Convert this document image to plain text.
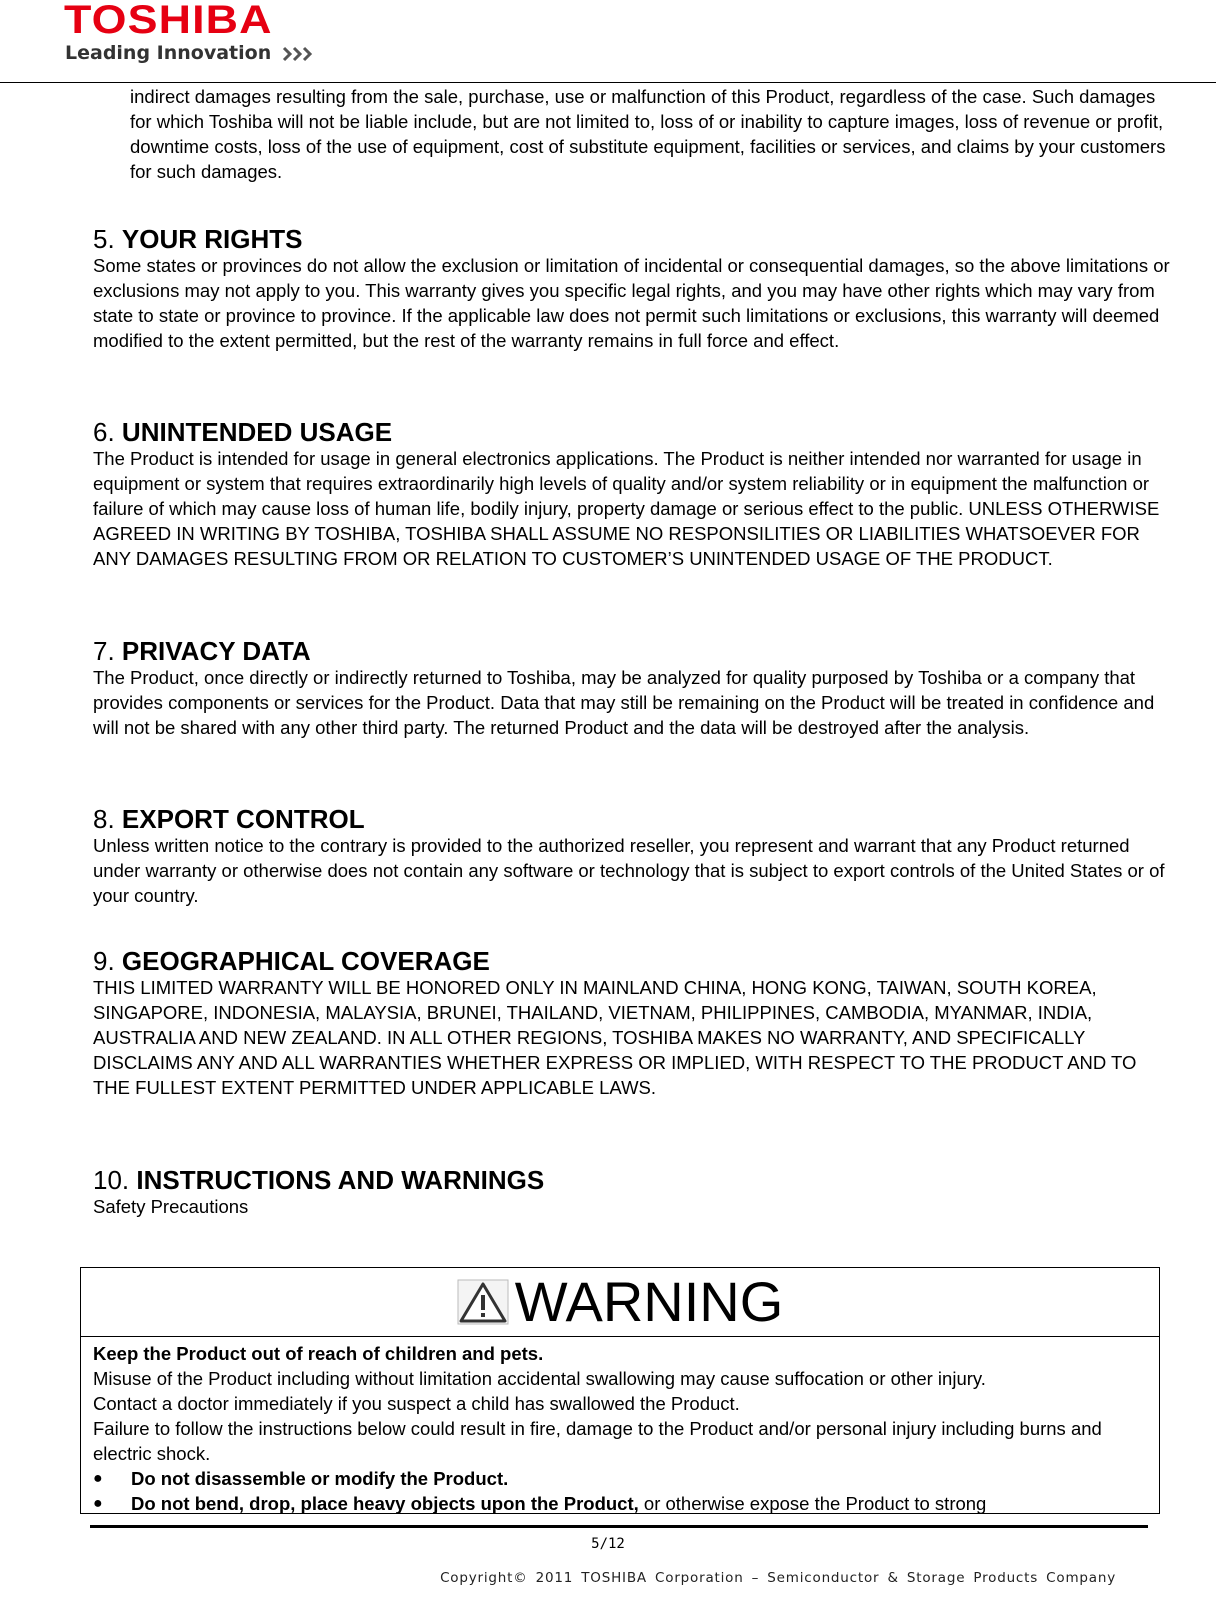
TOSHIBA
Leading Innovation
indirect damages resulting from the sale, purchase, use or malfunction of this Product, regardless of the case. Such damages for which Toshiba will not be liable include, but are not limited to, loss of or inability to capture images, loss of revenue or profit, downtime costs, loss of the use of equipment, cost of substitute equipment, facilities or services, and claims by your customers for such damages.
5. YOUR RIGHTS
Some states or provinces do not allow the exclusion or limitation of incidental or consequential damages, so the above limitations or exclusions may not apply to you. This warranty gives you specific legal rights, and you may have other rights which may vary from state to state or province to province. If the applicable law does not permit such limitations or exclusions, this warranty will deemed modified to the extent permitted, but the rest of the warranty remains in full force and effect.
6. UNINTENDED USAGE
The Product is intended for usage in general electronics applications. The Product is neither intended nor warranted for usage in equipment or system that requires extraordinarily high levels of quality and/or system reliability or in equipment the malfunction or failure of which may cause loss of human life, bodily injury, property damage or serious effect to the public. UNLESS OTHERWISE AGREED IN WRITING BY TOSHIBA, TOSHIBA SHALL ASSUME NO RESPONSILITIES OR LIABILITIES WHATSOEVER FOR ANY DAMAGES RESULTING FROM OR RELATION TO CUSTOMER’S UNINTENDED USAGE OF THE PRODUCT.
7. PRIVACY DATA
The Product, once directly or indirectly returned to Toshiba, may be analyzed for quality purposed by Toshiba or a company that provides components or services for the Product. Data that may still be remaining on the Product will be treated in confidence and will not be shared with any other third party. The returned Product and the data will be destroyed after the analysis.
8. EXPORT CONTROL
Unless written notice to the contrary is provided to the authorized reseller, you represent and warrant that any Product returned under warranty or otherwise does not contain any software or technology that is subject to export controls of the United States or of your country.
9. GEOGRAPHICAL COVERAGE
THIS LIMITED WARRANTY WILL BE HONORED ONLY IN MAINLAND CHINA, HONG KONG, TAIWAN, SOUTH KOREA, SINGAPORE, INDONESIA, MALAYSIA, BRUNEI, THAILAND, VIETNAM, PHILIPPINES, CAMBODIA, MYANMAR, INDIA, AUSTRALIA AND NEW ZEALAND. IN ALL OTHER REGIONS, TOSHIBA MAKES NO WARRANTY, AND SPECIFICALLY DISCLAIMS ANY AND ALL WARRANTIES WHETHER EXPRESS OR IMPLIED, WITH RESPECT TO THE PRODUCT AND TO THE FULLEST EXTENT PERMITTED UNDER APPLICABLE LAWS.
10. INSTRUCTIONS AND WARNINGS
Safety Precautions
WARNING
Keep the Product out of reach of children and pets.
Misuse of the Product including without limitation accidental swallowing may cause suffocation or other injury.
Contact a doctor immediately if you suspect a child has swallowed the Product.
Failure to follow the instructions below could result in fire, damage to the Product and/or personal injury including burns and electric shock.
●	Do not disassemble or modify the Product.
●	Do not bend, drop, place heavy objects upon the Product, or otherwise expose the Product to strong
5/12
Copyright© 2011 TOSHIBA Corporation – Semiconductor & Storage Products Company
